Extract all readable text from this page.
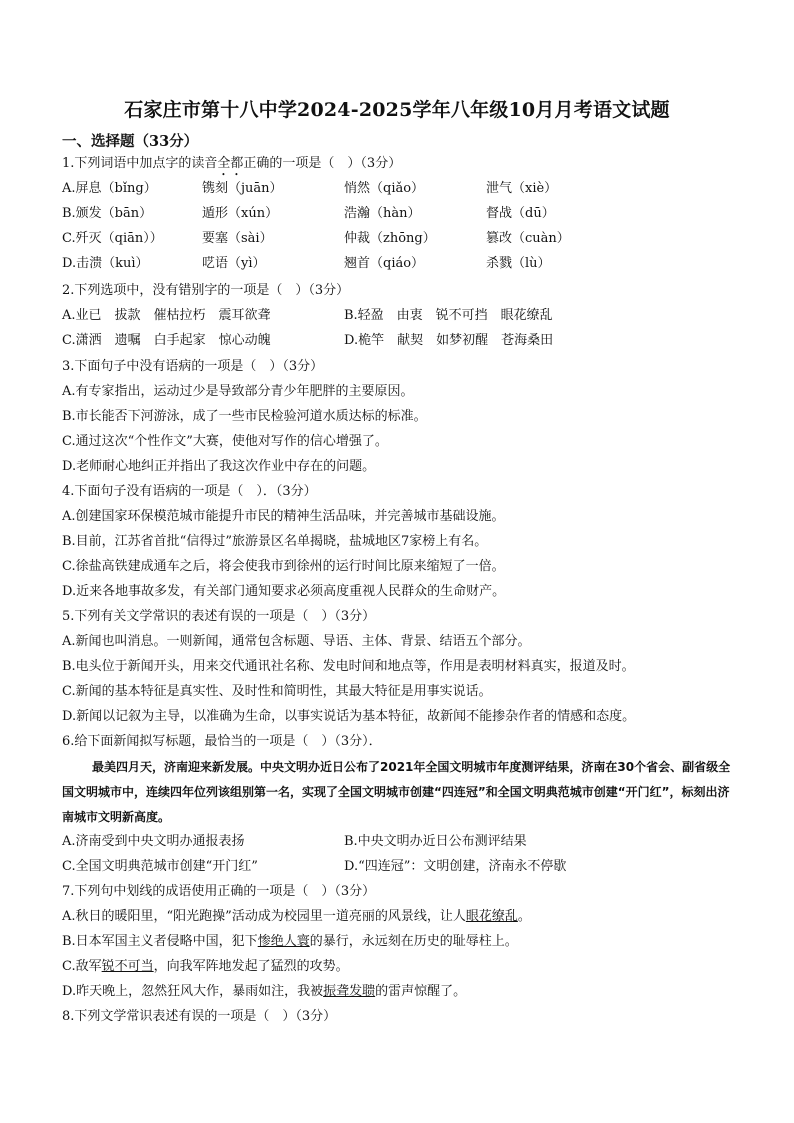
石家庄市第十八中学2024-2025学年八年级10月月考语文试题
一、选择题（33分）
1.下列词语中加点字的读音全都正确的一项是（　）（3分）
A.屏息（bǐng）	镌刻（juān）	悄然（qiǎo）	泄气（xiè）
B.颁发（bān）	遁形（xún）	浩瀚（hàn）	督战（dū）
C.歼灭（qiān））	要塞（sài）	仲裁（zhōng）	篡改（cuàn）
D.击溃（kuì）	呓语（yì）	翘首（qiáo）	杀戮（lù）
2.下列选项中，没有错别字的一项是（　）（3分）
A.业已　拔款　催枯拉朽　震耳欲聋	B.轻盈　由衷　锐不可挡　眼花缭乱
C.潇洒　遗嘱　白手起家　惊心动魄	D.桅竿　献契　如梦初醒　苍海桑田
3.下面句子中没有语病的一项是（　）（3分）
A.有专家指出，运动过少是导致部分青少年肥胖的主要原因。
B.市长能否下河游泳，成了一些市民检验河道水质达标的标准。
C.通过这次“个性作文”大赛，使他对写作的信心增强了。
D.老师耐心地纠正并指出了我这次作业中存在的问题。
4.下面句子没有语病的一项是（　）．（3分）
A.创建国家环保模范城市能提升市民的精神生活品味，并完善城市基础设施。
B.目前，江苏省首批“信得过”旅游景区名单揭晓，盐城地区7家榜上有名。
C.徐盐高铁建成通车之后，将会使我市到徐州的运行时间比原来缩短了一倍。
D.近来各地事故多发，有关部门通知要求必须高度重视人民群众的生命财产。
5.下列有关文学常识的表述有误的一项是（　）（3分）
A.新闻也叫消息。一则新闻，通常包含标题、导语、主体、背景、结语五个部分。
B.电头位于新闻开头，用来交代通讯社名称、发电时间和地点等，作用是表明材料真实，报道及时。
C.新闻的基本特征是真实性、及时性和简明性，其最大特征是用事实说话。
D.新闻以记叙为主导，以准确为生命，以事实说话为基本特征，故新闻不能掺杂作者的情感和态度。
6.给下面新闻拟写标题，最恰当的一项是（　）（3分）．
最美四月天，济南迎来新发展。中央文明办近日公布了2021年全国文明城市年度测评结果，济南在30个省会、副省级全国文明城市中，连续四年位列该组别第一名，实现了全国文明城市创建“四连冠”和全国文明典范城市创建“开门红”，标刻出济南城市文明新高度。
A.济南受到中央文明办通报表扬	B.中央文明办近日公布测评结果
C.全国文明典范城市创建“开门红”	D.“四连冠”：文明创建，济南永不停歇
7.下列句中划线的成语使用正确的一项是（　）（3分）
A.秋日的暖阳里，“阳光跑操”活动成为校园里一道亮丽的风景线，让人眼花缭乱。
B.日本军国主义者侵略中国，犯下惨绝人寰的暴行，永远刻在历史的耻辱柱上。
C.敌军锐不可当，向我军阵地发起了猛烈的攻势。
D.昨天晚上，忽然狂风大作，暴雨如注，我被振聋发聩的雷声惊醒了。
8.下列文学常识表述有误的一项是（　）（3分）
